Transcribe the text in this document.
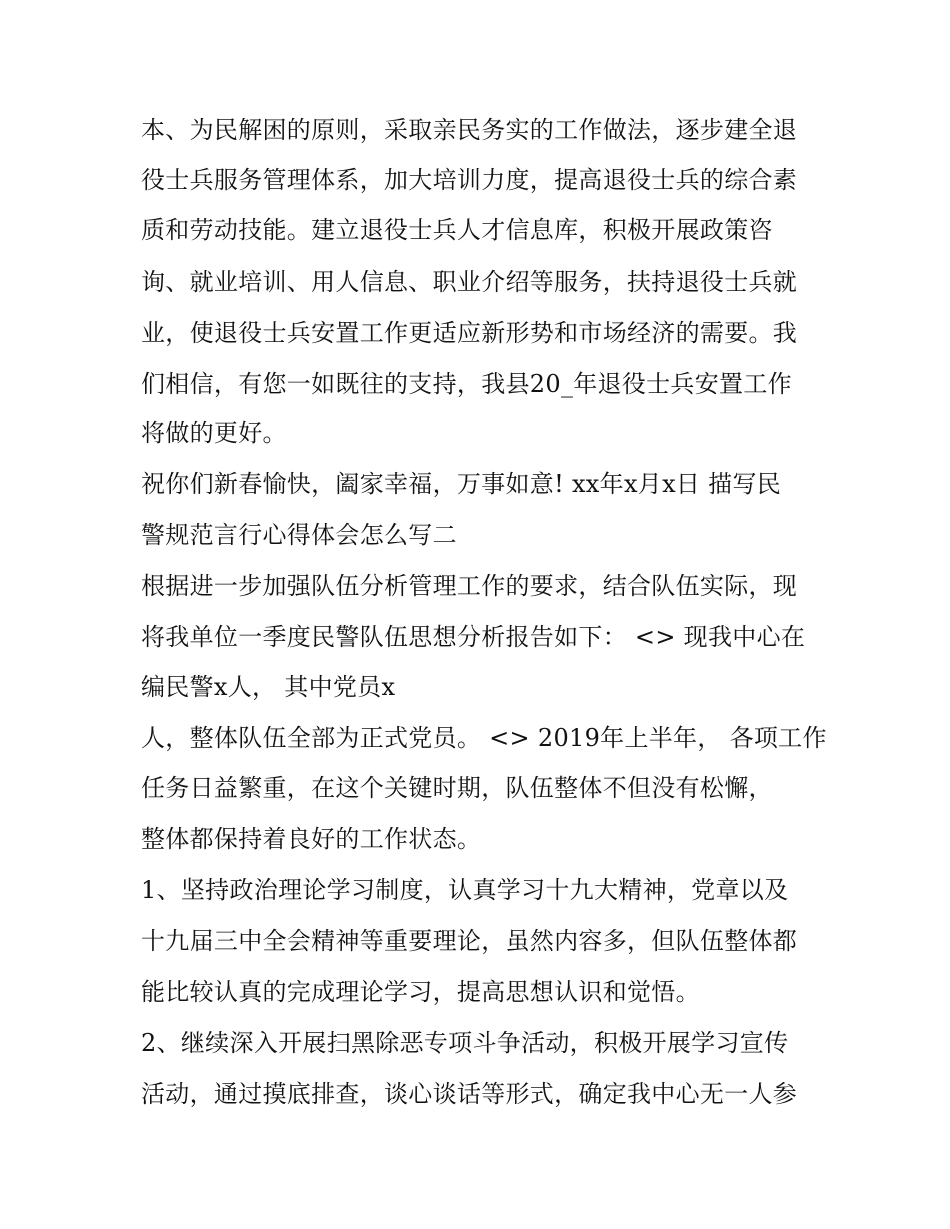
本、为民解困的原则，采取亲民务实的工作做法，逐步建全退
役士兵服务管理体系，加大培训力度，提高退役士兵的综合素
质和劳动技能。建立退役士兵人才信息库，积极开展政策咨
询、就业培训、用人信息、职业介绍等服务，扶持退役士兵就
业，使退役士兵安置工作更适应新形势和市场经济的需要。我
们相信，有您一如既往的支持，我县20_年退役士兵安置工作
将做的更好。
祝你们新春愉快，阖家幸福，万事如意! xx年x月x日 描写民
警规范言行心得体会怎么写二
根据进一步加强队伍分析管理工作的要求，结合队伍实际，现
将我单位一季度民警队伍思想分析报告如下： <> 现我中心在
编民警x人， 其中党员x
人，整体队伍全部为正式党员。 <> 2019年上半年， 各项工作
任务日益繁重，在这个关键时期，队伍整体不但没有松懈，
整体都保持着良好的工作状态。
1、坚持政治理论学习制度，认真学习十九大精神，党章以及
十九届三中全会精神等重要理论，虽然内容多，但队伍整体都
能比较认真的完成理论学习，提高思想认识和觉悟。
2、继续深入开展扫黑除恶专项斗争活动，积极开展学习宣传
活动，通过摸底排查，谈心谈话等形式，确定我中心无一人参
